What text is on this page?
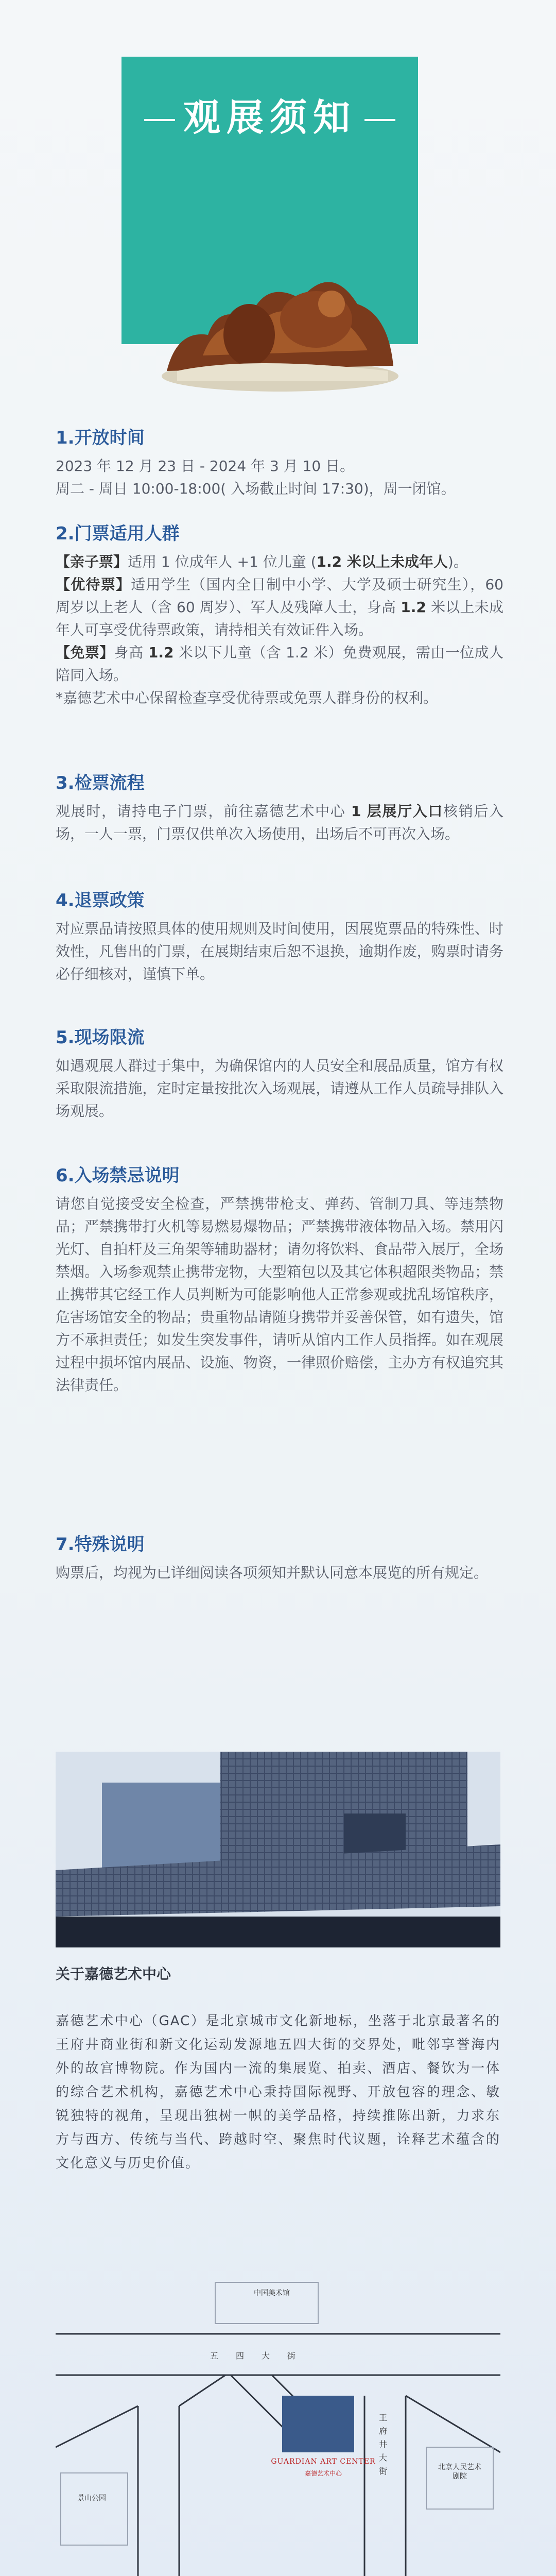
观展须知
1.开放时间
2023 年 12 月 23 日 - 2024 年 3 月 10 日。
周二 - 周日 10:00-18:00( 入场截止时间 17:30)，周一闭馆。
2.门票适用人群
【亲子票】适用 1 位成年人 +1 位儿童 (1.2 米以上未成年人)。
【优待票】适用学生（国内全日制中小学、大学及硕士研究生），60 周岁以上老人（含 60 周岁）、军人及残障人士，身高 1.2 米以上未成年人可享受优待票政策，请持相关有效证件入场。
【免票】身高 1.2 米以下儿童（含 1.2 米）免费观展，需由一位成人陪同入场。
*嘉德艺术中心保留检查享受优待票或免票人群身份的权利。
3.检票流程
观展时，请持电子门票，前往嘉德艺术中心 1 层展厅入口核销后入场，一人一票，门票仅供单次入场使用，出场后不可再次入场。
4.退票政策
对应票品请按照具体的使用规则及时间使用，因展览票品的特殊性、时效性，凡售出的门票，在展期结束后恕不退换，逾期作废，购票时请务必仔细核对，谨慎下单。
5.现场限流
如遇观展人群过于集中，为确保馆内的人员安全和展品质量，馆方有权采取限流措施，定时定量按批次入场观展，请遵从工作人员疏导排队入场观展。
6.入场禁忌说明
请您自觉接受安全检查，严禁携带枪支、弹药、管制刀具、等违禁物品；严禁携带打火机等易燃易爆物品；严禁携带液体物品入场。禁用闪光灯、自拍杆及三角架等辅助器材；请勿将饮料、食品带入展厅，全场禁烟。入场参观禁止携带宠物，大型箱包以及其它体积超限类物品；禁止携带其它经工作人员判断为可能影响他人正常参观或扰乱场馆秩序，危害场馆安全的物品；贵重物品请随身携带并妥善保管，如有遗失，馆方不承担责任；如发生突发事件，请听从馆内工作人员指挥。如在观展过程中损坏馆内展品、设施、物资，一律照价赔偿，主办方有权追究其法律责任。
7.特殊说明
购票后，均视为已详细阅读各项须知并默认同意本展览的所有规定。
关于嘉德艺术中心
嘉德艺术中心（GAC）是北京城市文化新地标，坐落于北京最著名的王府井商业街和新文化运动发源地五四大街的交界处，毗邻享誉海内外的故宫博物院。作为国内一流的集展览、拍卖、酒店、餐饮为一体的综合艺术机构，嘉德艺术中心秉持国际视野、开放包容的理念、敏锐独特的视角，呈现出独树一帜的美学品格，持续推陈出新，力求东方与西方、传统与当代、跨越时空、聚焦时代议题，诠释艺术蕴含的文化意义与历史价值。
中国美术馆
五四大街
景山公园
王府井大街	北京人民艺术剧院
GUARDIAN ART CENTER
嘉德艺术中心
